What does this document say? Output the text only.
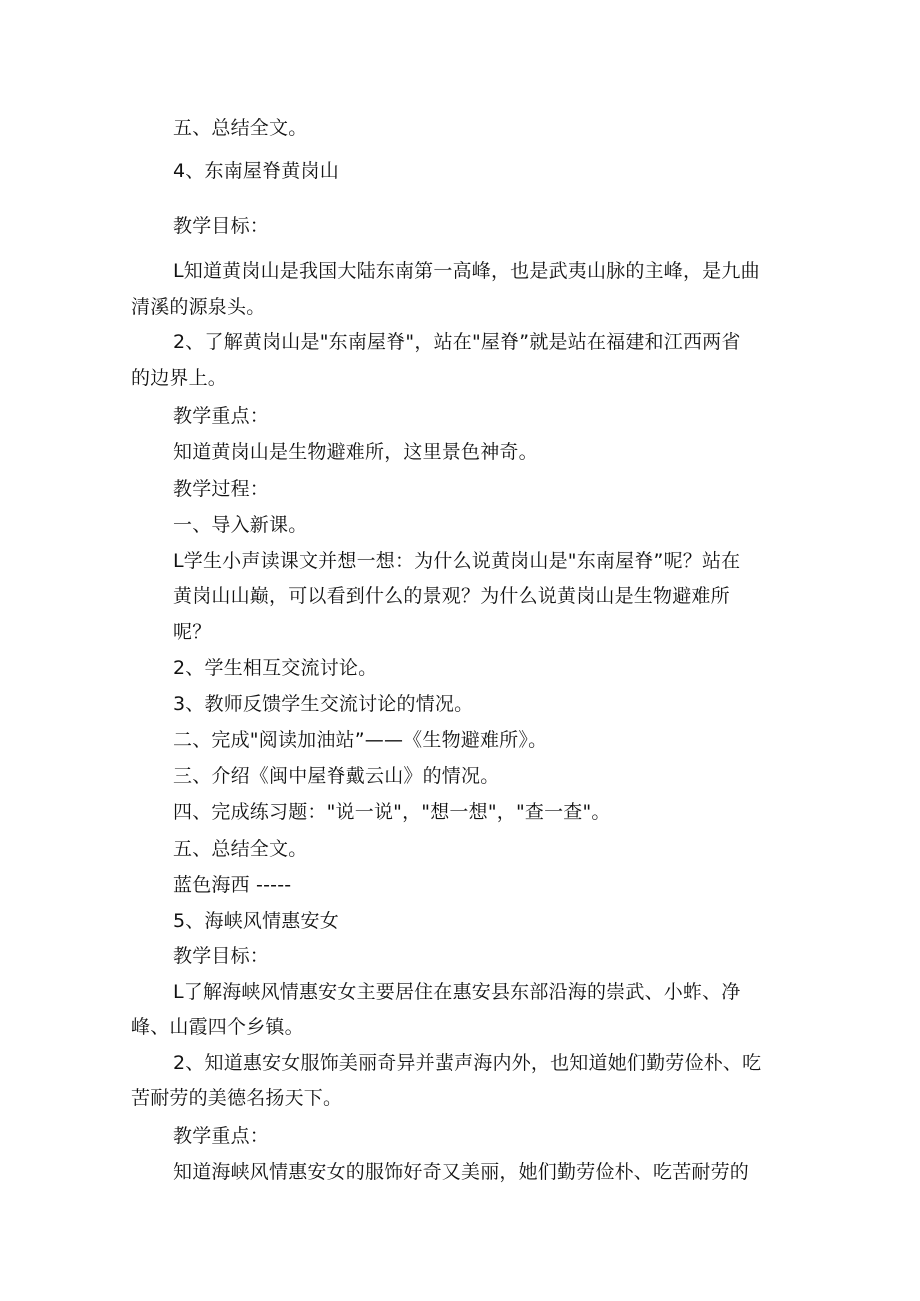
五、总结全文。
4、东南屋脊黄岗山
教学目标：
L知道黄岗山是我国大陆东南第一高峰，也是武夷山脉的主峰，是九曲
清溪的源泉头。
2、了解黄岗山是"东南屋脊"，站在"屋脊”就是站在福建和江西两省
的边界上。
教学重点：
知道黄岗山是生物避难所，这里景色神奇。
教学过程：
一、导入新课。
L学生小声读课文并想一想：为什么说黄岗山是"东南屋脊”呢？站在
黄岗山山巅，可以看到什么的景观？为什么说黄岗山是生物避难所
呢？
2、学生相互交流讨论。
3、教师反馈学生交流讨论的情况。
二、完成"阅读加油站”——《生物避难所》。
三、介绍《闽中屋脊戴云山》的情况。
四、完成练习题："说一说"，"想一想"，"查一查"。
五、总结全文。
蓝色海西 -----
5、海峡风情惠安女
教学目标：
L了解海峡风情惠安女主要居住在惠安县东部沿海的崇武、小蚱、净
峰、山霞四个乡镇。
2、知道惠安女服饰美丽奇异并蜚声海内外，也知道她们勤劳俭朴、吃
苦耐劳的美德名扬天下。
教学重点：
知道海峡风情惠安女的服饰好奇又美丽，她们勤劳俭朴、吃苦耐劳的
